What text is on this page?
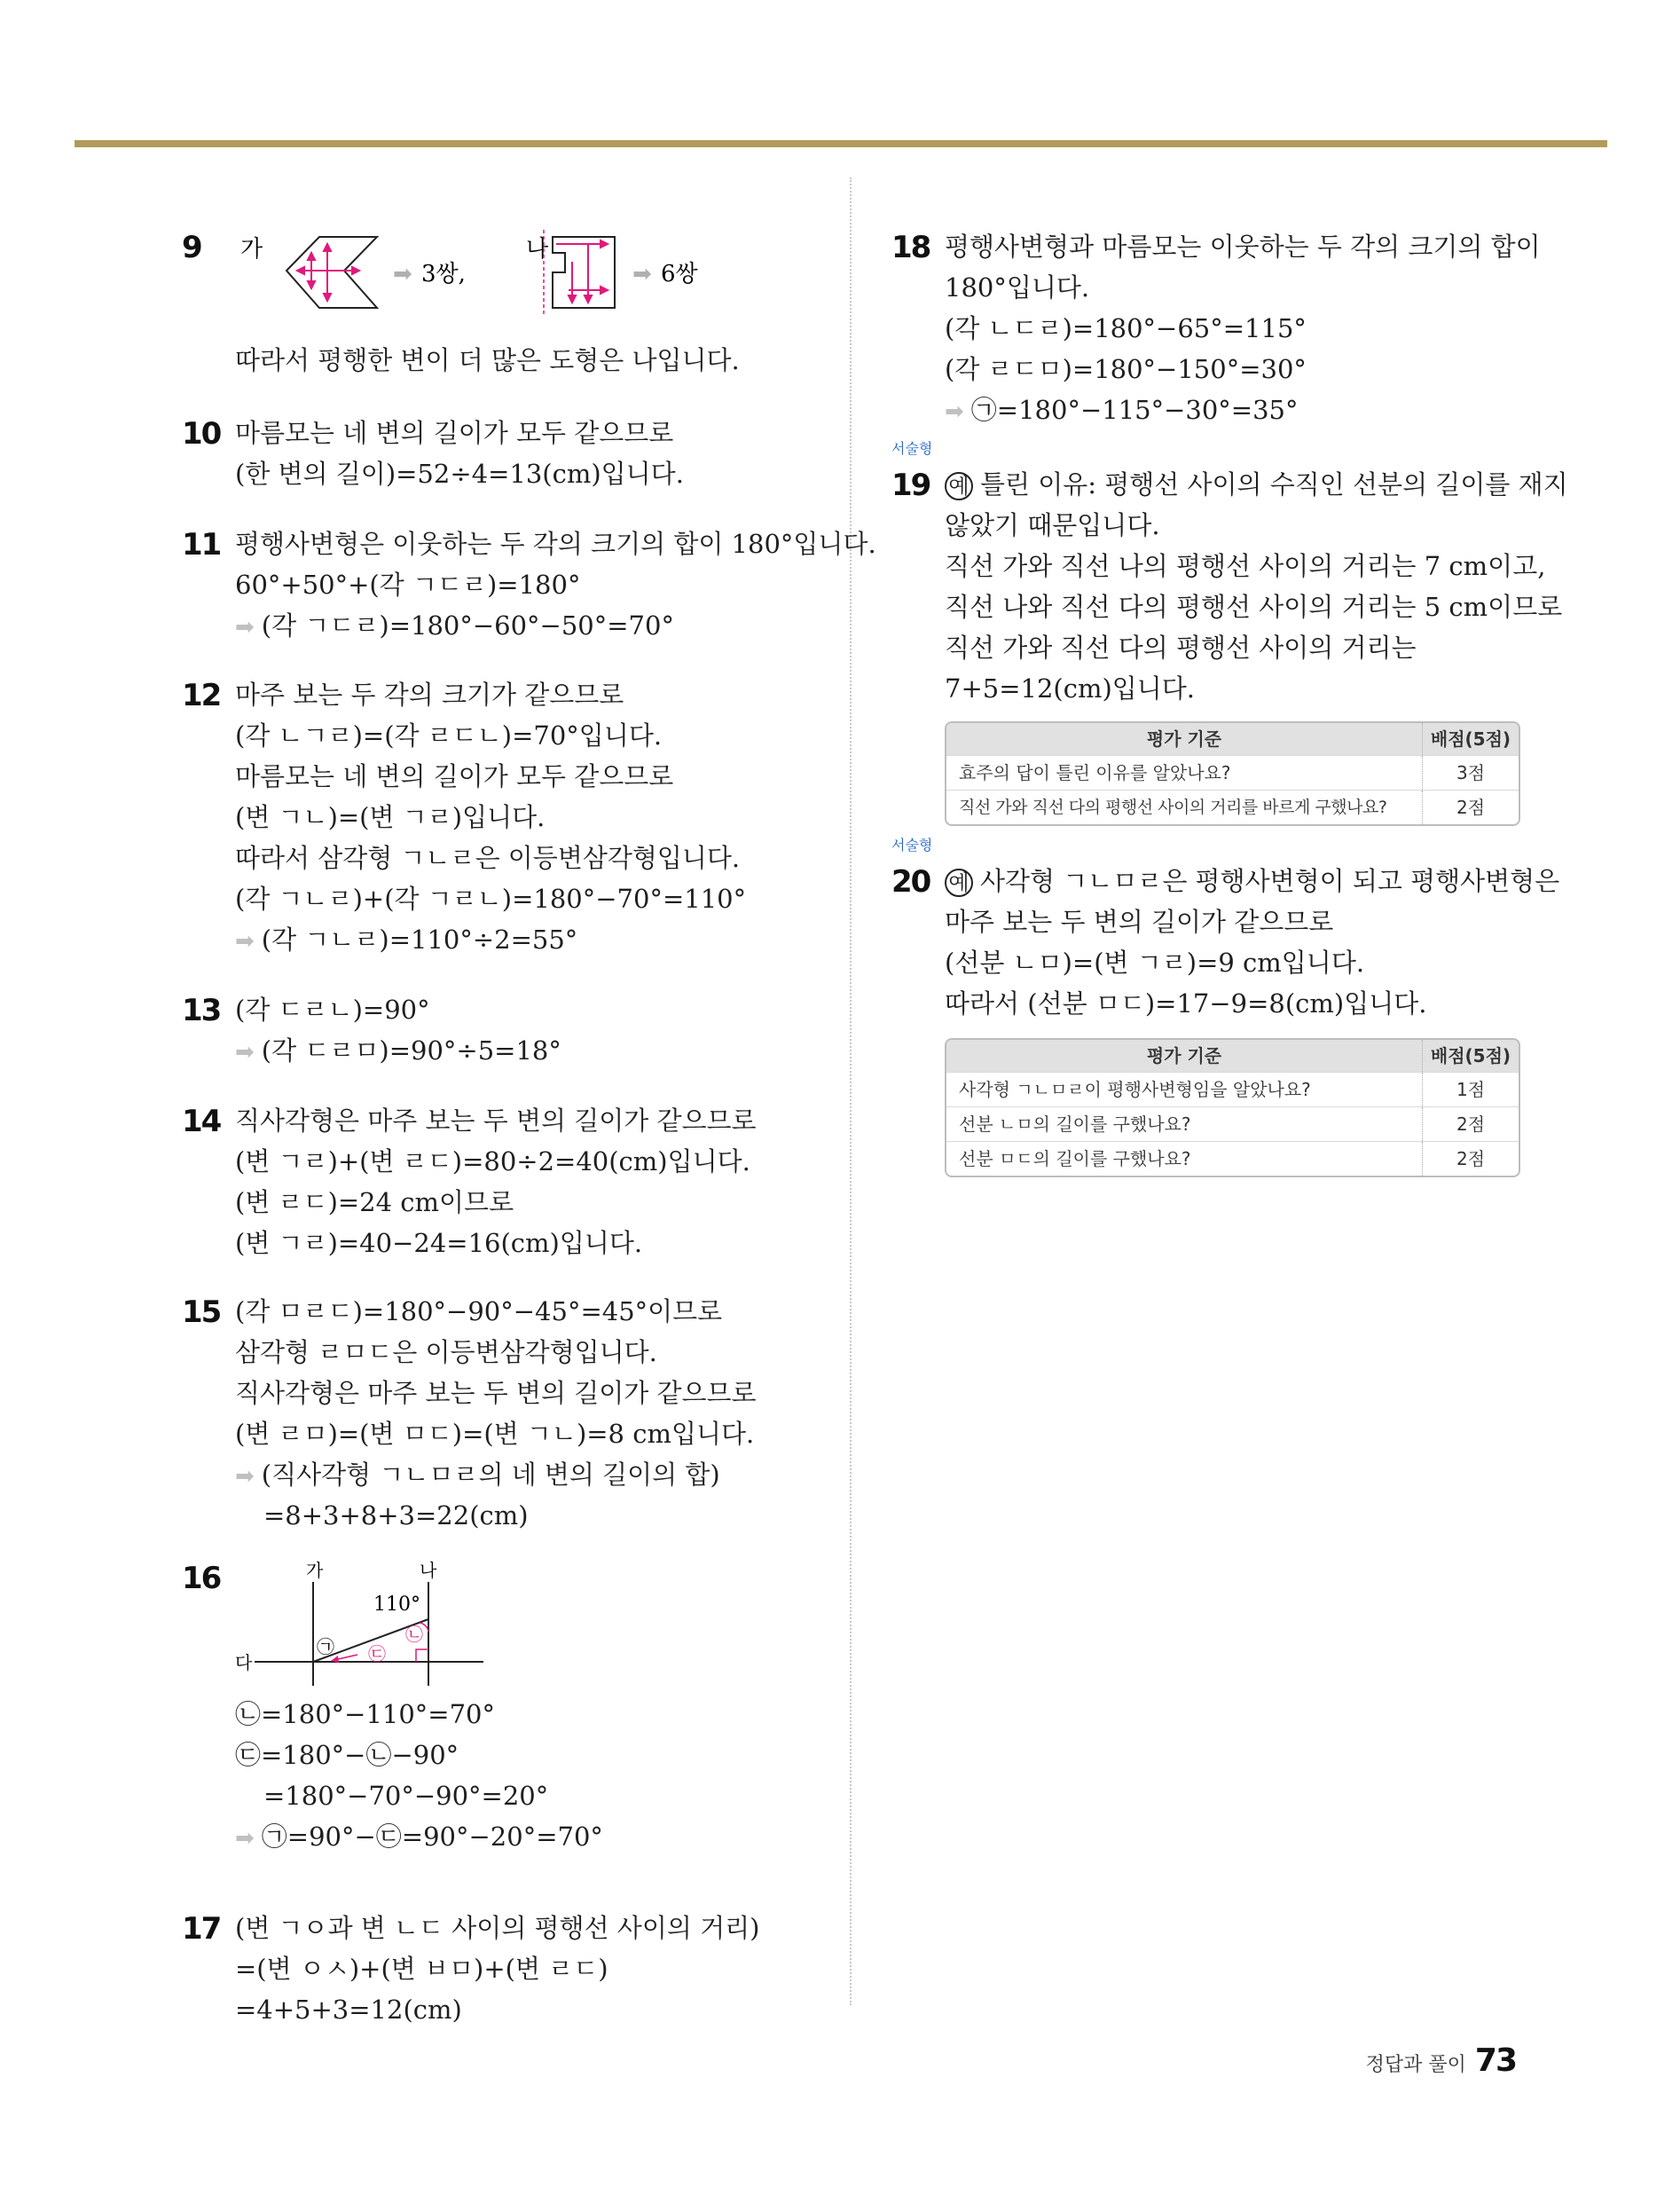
9 가
➡ 3쌍,
나
➡ 6쌍
따라서 평행한 변이 더 많은 도형은 나입니다.
10 마름모는 네 변의 길이가 모두 같으므로
(한 변의 길이)=52÷4=13(cm)입니다.
11 평행사변형은 이웃하는 두 각의 크기의 합이 180°입니다.
60°+50°+(각 ㄱㄷㄹ)=180°
➡ (각 ㄱㄷㄹ)=180°−60°−50°=70°
12 마주 보는 두 각의 크기가 같으므로
(각 ㄴㄱㄹ)=(각 ㄹㄷㄴ)=70°입니다.
마름모는 네 변의 길이가 모두 같으므로
(변 ㄱㄴ)=(변 ㄱㄹ)입니다.
따라서 삼각형 ㄱㄴㄹ은 이등변삼각형입니다.
(각 ㄱㄴㄹ)+(각 ㄱㄹㄴ)=180°−70°=110°
➡ (각 ㄱㄴㄹ)=110°÷2=55°
13 (각 ㄷㄹㄴ)=90°
➡ (각 ㄷㄹㅁ)=90°÷5=18°
14 직사각형은 마주 보는 두 변의 길이가 같으므로
(변 ㄱㄹ)+(변 ㄹㄷ)=80÷2=40(cm)입니다.
(변 ㄹㄷ)=24 cm이므로
(변 ㄱㄹ)=40−24=16(cm)입니다.
15 (각 ㅁㄹㄷ)=180°−90°−45°=45°이므로
삼각형 ㄹㅁㄷ은 이등변삼각형입니다.
직사각형은 마주 보는 두 변의 길이가 같으므로
(변 ㄹㅁ)=(변 ㅁㄷ)=(변 ㄱㄴ)=8 cm입니다.
➡ (직사각형 ㄱㄴㅁㄹ의 네 변의 길이의 합)
=8+3+8+3=22(cm)
16	가	나
다
110°
㉠
㉡
㉢
㉡=180°−110°=70°
㉢=180°−㉡−90°
=180°−70°−90°=20°
➡ ㉠=90°−㉢=90°−20°=70°
17 (변 ㄱㅇ과 변 ㄴㄷ 사이의 평행선 사이의 거리)
=(변 ㅇㅅ)+(변 ㅂㅁ)+(변 ㄹㄷ)
=4+5+3=12(cm)
18 평행사변형과 마름모는 이웃하는 두 각의 크기의 합이
180°입니다.
(각 ㄴㄷㄹ)=180°−65°=115°
(각 ㄹㄷㅁ)=180°−150°=30°
➡ ㉠=180°−115°−30°=35°
서술형
19 예 틀린 이유: 평행선 사이의 수직인 선분의 길이를 재지
않았기 때문입니다.
직선 가와 직선 나의 평행선 사이의 거리는 7 cm이고,
직선 나와 직선 다의 평행선 사이의 거리는 5 cm이므로
직선 가와 직선 다의 평행선 사이의 거리는
7+5=12(cm)입니다.
평가 기준	배점(5점)
효주의 답이 틀린 이유를 알았나요?	3점
직선 가와 직선 다의 평행선 사이의 거리를 바르게 구했나요?	2점
서술형
20 예 사각형 ㄱㄴㅁㄹ은 평행사변형이 되고 평행사변형은
마주 보는 두 변의 길이가 같으므로
(선분 ㄴㅁ)=(변 ㄱㄹ)=9 cm입니다.
따라서 (선분 ㅁㄷ)=17−9=8(cm)입니다.
평가 기준	배점(5점)
사각형 ㄱㄴㅁㄹ이 평행사변형임을 알았나요?	1점
선분 ㄴㅁ의 길이를 구했나요?	2점
선분 ㅁㄷ의 길이를 구했나요?	2점
정답과 풀이 73
